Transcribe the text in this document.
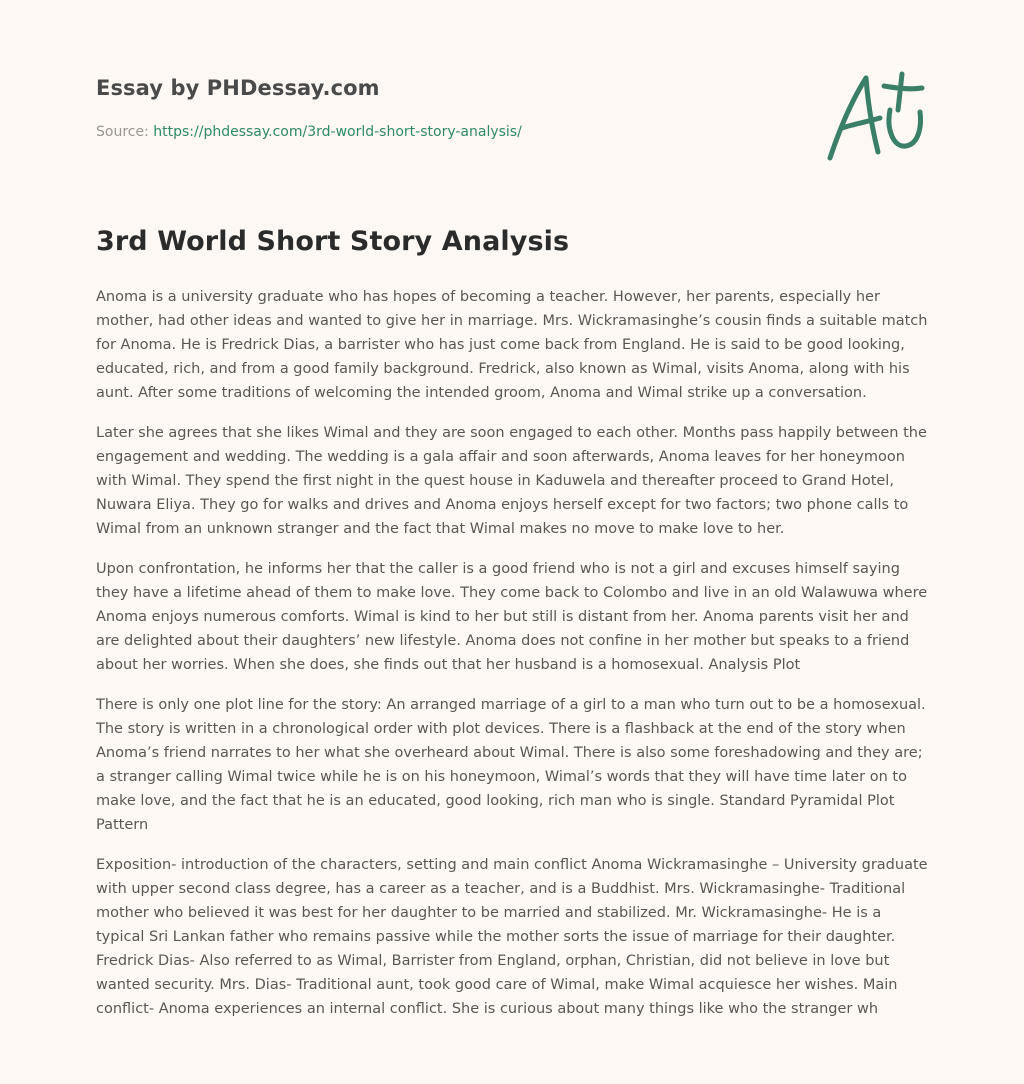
Essay by PHDessay.com
Source: https://phdessay.com/3rd-world-short-story-analysis/
3rd World Short Story Analysis

Anoma is a university graduate who has hopes of becoming a teacher. However, her parents, especially her mother, had other ideas and wanted to give her in marriage. Mrs. Wickramasinghe’s cousin finds a suitable match for Anoma. He is Fredrick Dias, a barrister who has just come back from England. He is said to be good looking, educated, rich, and from a good family background. Fredrick, also known as Wimal, visits Anoma, along with his aunt. After some traditions of welcoming the intended groom, Anoma and Wimal strike up a conversation.

Later she agrees that she likes Wimal and they are soon engaged to each other. Months pass happily between the engagement and wedding. The wedding is a gala affair and soon afterwards, Anoma leaves for her honeymoon with Wimal. They spend the first night in the quest house in Kaduwela and thereafter proceed to Grand Hotel, Nuwara Eliya. They go for walks and drives and Anoma enjoys herself except for two factors; two phone calls to Wimal from an unknown stranger and the fact that Wimal makes no move to make love to her.

Upon confrontation, he informs her that the caller is a good friend who is not a girl and excuses himself saying they have a lifetime ahead of them to make love. They come back to Colombo and live in an old Walawuwa where Anoma enjoys numerous comforts. Wimal is kind to her but still is distant from her. Anoma parents visit her and are delighted about their daughters’ new lifestyle. Anoma does not confine in her mother but speaks to a friend about her worries. When she does, she finds out that her husband is a homosexual. Analysis Plot

There is only one plot line for the story: An arranged marriage of a girl to a man who turn out to be a homosexual. The story is written in a chronological order with plot devices. There is a flashback at the end of the story when Anoma’s friend narrates to her what she overheard about Wimal. There is also some foreshadowing and they are; a stranger calling Wimal twice while he is on his honeymoon, Wimal’s words that they will have time later on to make love, and the fact that he is an educated, good looking, rich man who is single. Standard Pyramidal Plot Pattern

Exposition- introduction of the characters, setting and main conflict Anoma Wickramasinghe – University graduate with upper second class degree, has a career as a teacher, and is a Buddhist. Mrs. Wickramasinghe- Traditional mother who believed it was best for her daughter to be married and stabilized. Mr. Wickramasinghe- He is a typical Sri Lankan father who remains passive while the mother sorts the issue of marriage for their daughter. Fredrick Dias- Also referred to as Wimal, Barrister from England, orphan, Christian, did not believe in love but wanted security. Mrs. Dias- Traditional aunt, took good care of Wimal, make Wimal acquiesce her wishes. Main conflict- Anoma experiences an internal conflict. She is curious about many things like who the stranger wh
